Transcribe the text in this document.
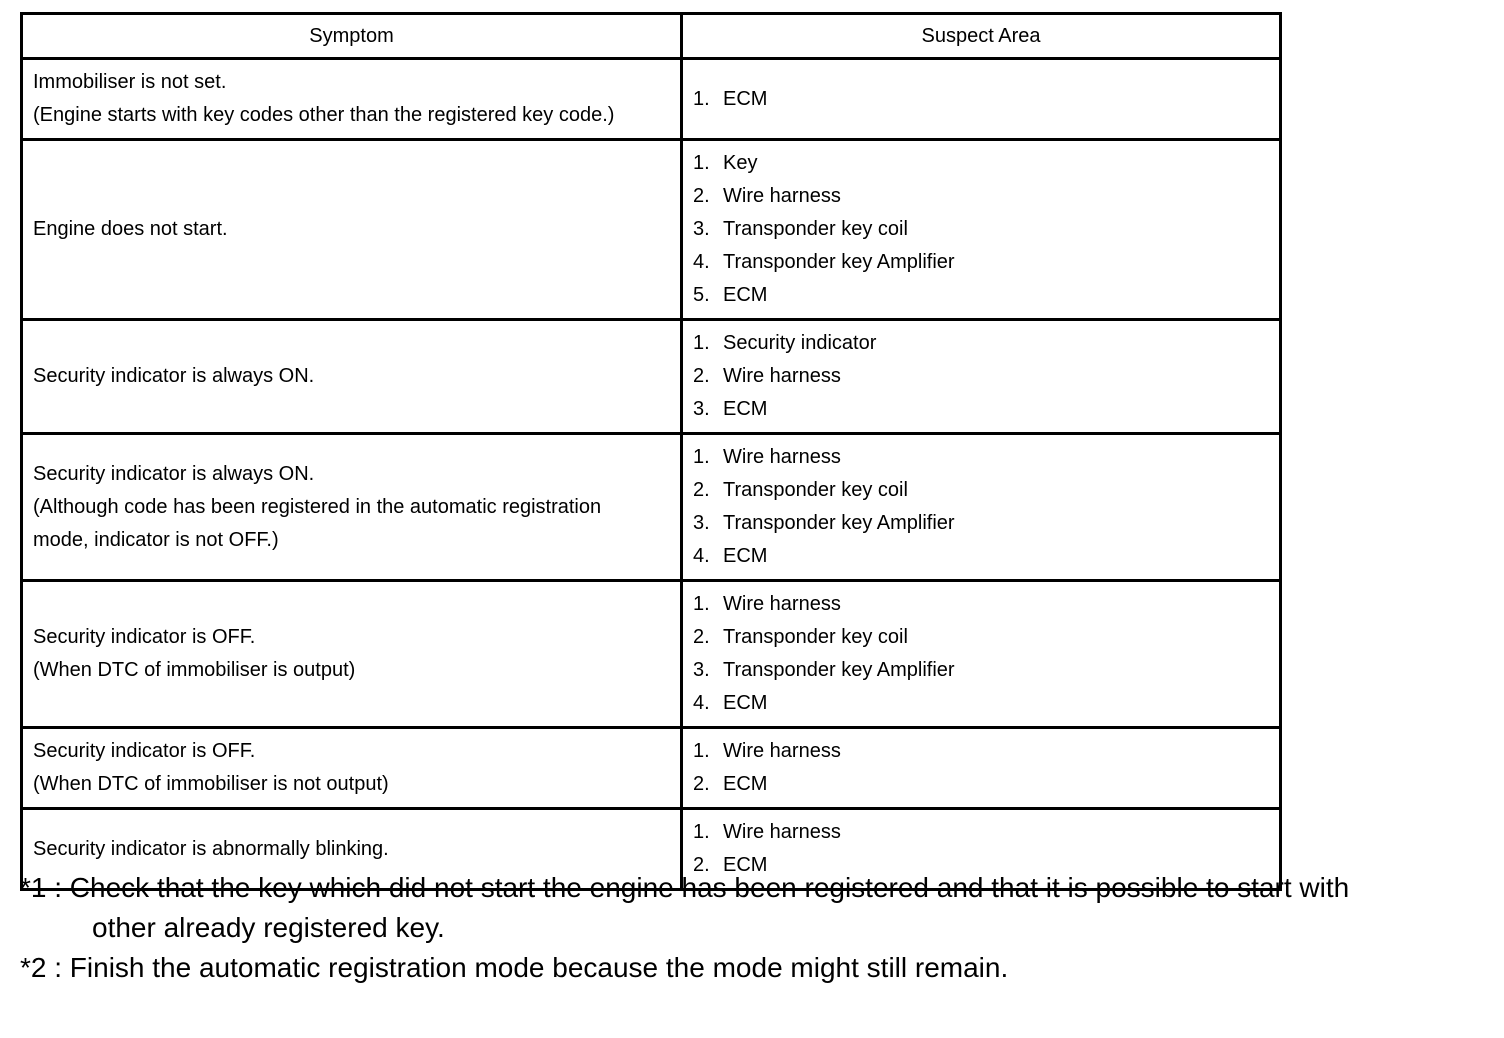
Symptom	Suspect Area

Immobiliser is not set.
(Engine starts with key codes other than the registered key code.)	1. ECM

Engine does not start.	1. Key
2. Wire harness
3. Transponder key coil
4. Transponder key Amplifier
5. ECM

Security indicator is always ON.	1. Security indicator
2. Wire harness
3. ECM

Security indicator is always ON.
(Although code has been registered in the automatic registration
mode, indicator is not OFF.)	1. Wire harness
2. Transponder key coil
3. Transponder key Amplifier
4. ECM

Security indicator is OFF.
(When DTC of immobiliser is output)	1. Wire harness
2. Transponder key coil
3. Transponder key Amplifier
4. ECM

Security indicator is OFF.
(When DTC of immobiliser is not output)	1. Wire harness
2. ECM

Security indicator is abnormally blinking.	1. Wire harness
2. ECM
*1 : Check that the key which did not start the engine has been registered and that it is possible to start with
other already registered key.
*2 : Finish the automatic registration mode because the mode might still remain.
